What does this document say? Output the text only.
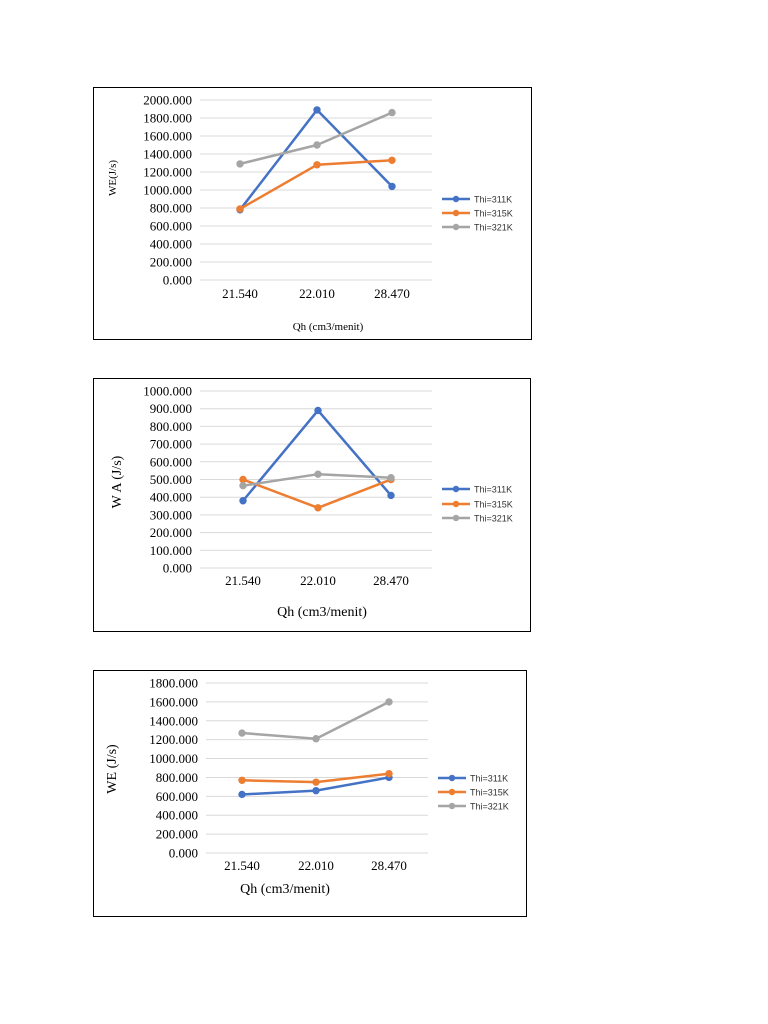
0.000
200.000
400.000
600.000
800.000
1000.000
1200.000
1400.000
1600.000
1800.000
2000.000
21.540	22.010	28.470
Qh (cm3/menit)
WE(J/s)
Thi=311K
Thi=315K
Thi=321K
0.000
100.000
200.000
300.000
400.000
500.000
600.000
700.000
800.000
900.000
1000.000
21.540	22.010	28.470
Qh (cm3/menit)
W A (J/s)	Thi=311K
Thi=315K
Thi=321K
0.000
200.000
400.000
600.000
800.000
1000.000
1200.000
1400.000
1600.000
1800.000
21.540	22.010	28.470
Qh (cm3/menit)
WE (J/s)	Thi=311K
Thi=315K
Thi=321K
